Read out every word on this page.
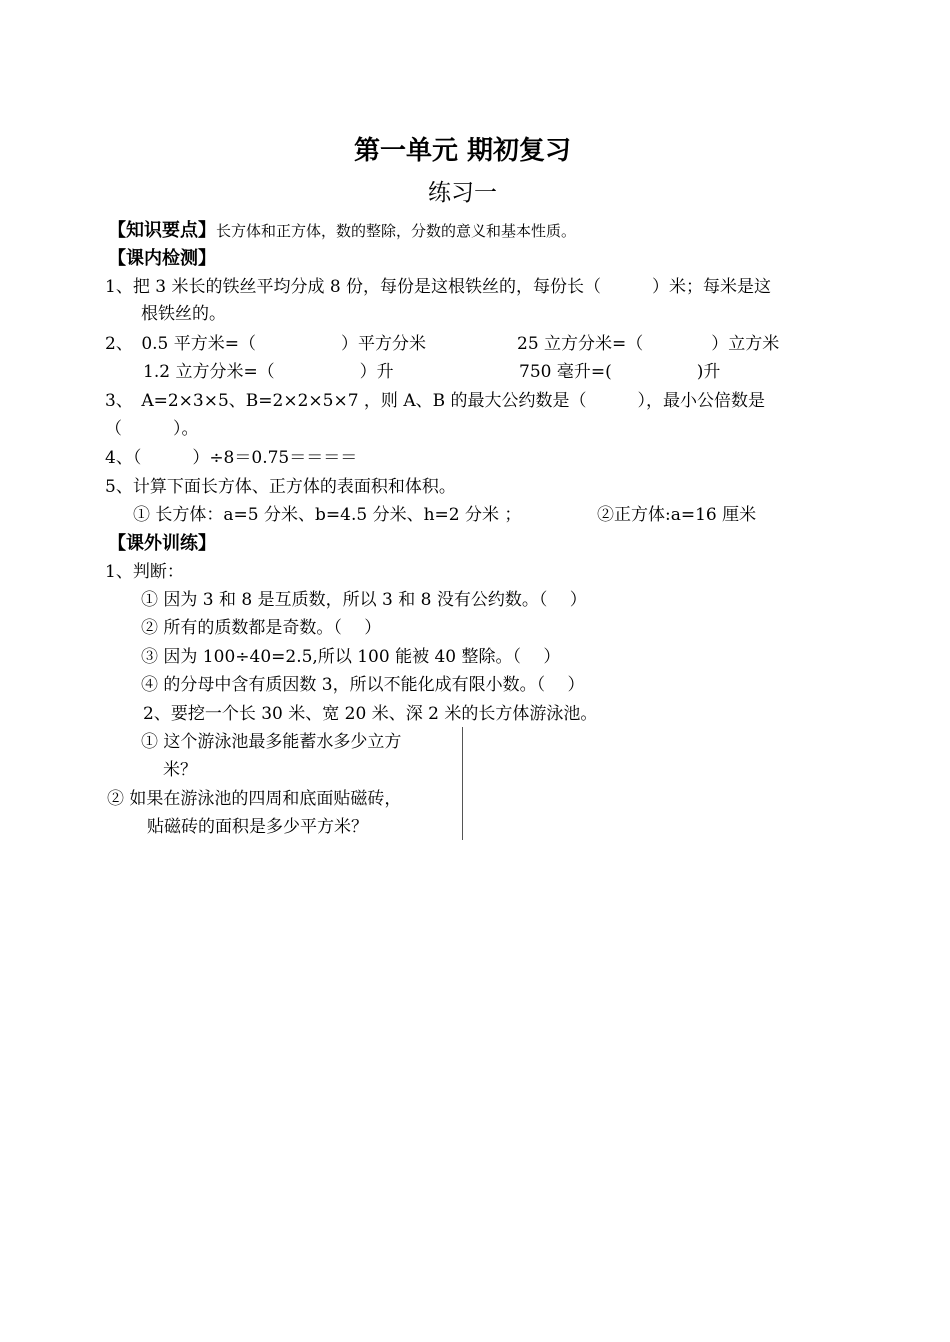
第一单元 期初复习
练习一
【知识要点】长方体和正方体，数的整除，分数的意义和基本性质。
【课内检测】
1、把 3 米长的铁丝平均分成 8 份，每份是这根铁丝的，每份长（　　　）米；每米是这
根铁丝的。
2、　0.5 平方米=（　　　　　）平方分米	25 立方分米=（　　　　）立方米
1.2 立方分米=（　　　　　）升	750 毫升=(　　　　　)升
3、　A=2×3×5、B=2×2×5×7 ，则 A、B 的最大公约数是（　　　），最小公倍数是
（　　　）。
4、（　　　）÷8＝0.75＝＝＝＝
5、计算下面长方体、正方体的表面积和体积。
① 长方体：a=5 分米、b=4.5 分米、h=2 分米 ；	②正方体:a=16 厘米
【课外训练】
1、判断：
① 因为 3 和 8 是互质数，所以 3 和 8 没有公约数。（　 ）
② 所有的质数都是奇数。（　 ）
③ 因为 100÷40=2.5,所以 100 能被 40 整除。（　 ）
④ 的分母中含有质因数 3，所以不能化成有限小数。（　 ）
2、要挖一个长 30 米、宽 20 米、深 2 米的长方体游泳池。
① 这个游泳池最多能蓄水多少立方
米？
② 如果在游泳池的四周和底面贴磁砖，
贴磁砖的面积是多少平方米？
